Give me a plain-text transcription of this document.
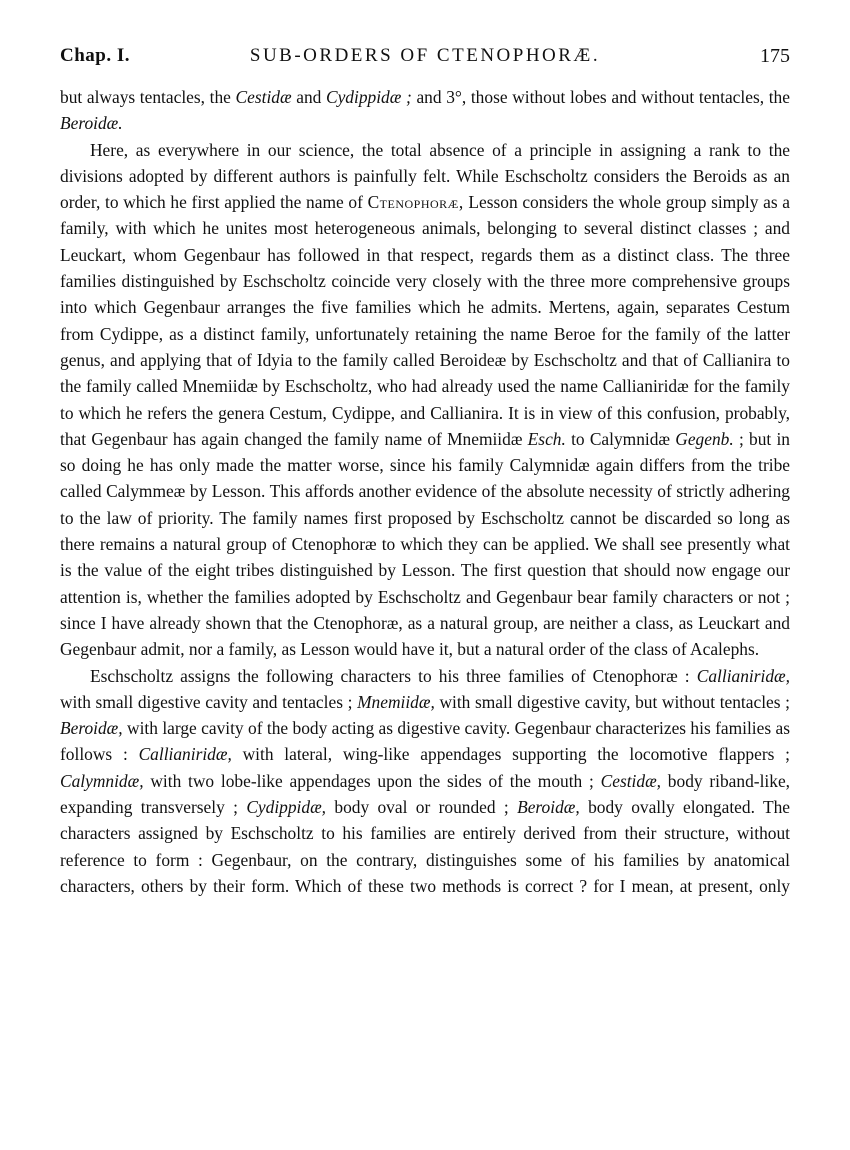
Chap. I.	SUB-ORDERS OF CTENOPHORÆ.	175

but always tentacles, the Cestidæ and Cydippidæ ; and 3°, those without lobes and without tentacles, the Beroidæ.

Here, as everywhere in our science, the total absence of a principle in assigning a rank to the divisions adopted by different authors is painfully felt. While Eschscholtz considers the Beroids as an order, to which he first applied the name of Ctenophoræ, Lesson considers the whole group simply as a family, with which he unites most heterogeneous animals, belonging to several distinct classes ; and Leuckart, whom Gegenbaur has followed in that respect, regards them as a distinct class. The three families distinguished by Eschscholtz coincide very closely with the three more comprehensive groups into which Gegenbaur arranges the five families which he admits. Mertens, again, separates Cestum from Cydippe, as a distinct family, unfortunately retaining the name Beroe for the family of the latter genus, and applying that of Idyia to the family called Beroideæ by Eschscholtz and that of Callianira to the family called Mnemiidæ by Eschscholtz, who had already used the name Callianiridæ for the family to which he refers the genera Cestum, Cydippe, and Callianira. It is in view of this confusion, probably, that Gegenbaur has again changed the family name of Mnemiidæ Esch. to Calymnidæ Gegenb. ; but in so doing he has only made the matter worse, since his family Calymnidæ again differs from the tribe called Calymmeæ by Lesson. This affords another evidence of the absolute necessity of strictly adhering to the law of priority. The family names first proposed by Eschscholtz cannot be discarded so long as there remains a natural group of Ctenophoræ to which they can be applied. We shall see presently what is the value of the eight tribes distinguished by Lesson. The first question that should now engage our attention is, whether the families adopted by Eschscholtz and Gegenbaur bear family characters or not ; since I have already shown that the Ctenophoræ, as a natural group, are neither a class, as Leuckart and Gegenbaur admit, nor a family, as Lesson would have it, but a natural order of the class of Acalephs.

Eschscholtz assigns the following characters to his three families of Ctenophoræ : Callianiridæ, with small digestive cavity and tentacles ; Mnemiidæ, with small digestive cavity, but without tentacles ; Beroidæ, with large cavity of the body acting as digestive cavity. Gegenbaur characterizes his families as follows : Callianiridæ, with lateral, wing-like appendages supporting the locomotive flappers ; Calymnidæ, with two lobe-like appendages upon the sides of the mouth ; Cestidæ, body riband-like, expanding transversely ; Cydippidæ, body oval or rounded ; Beroidæ, body ovally elongated. The characters assigned by Eschscholtz to his families are entirely derived from their structure, without reference to form : Gegenbaur, on the contrary, distinguishes some of his families by anatomical characters, others by their form. Which of these two methods is correct ? for I mean, at present, only
